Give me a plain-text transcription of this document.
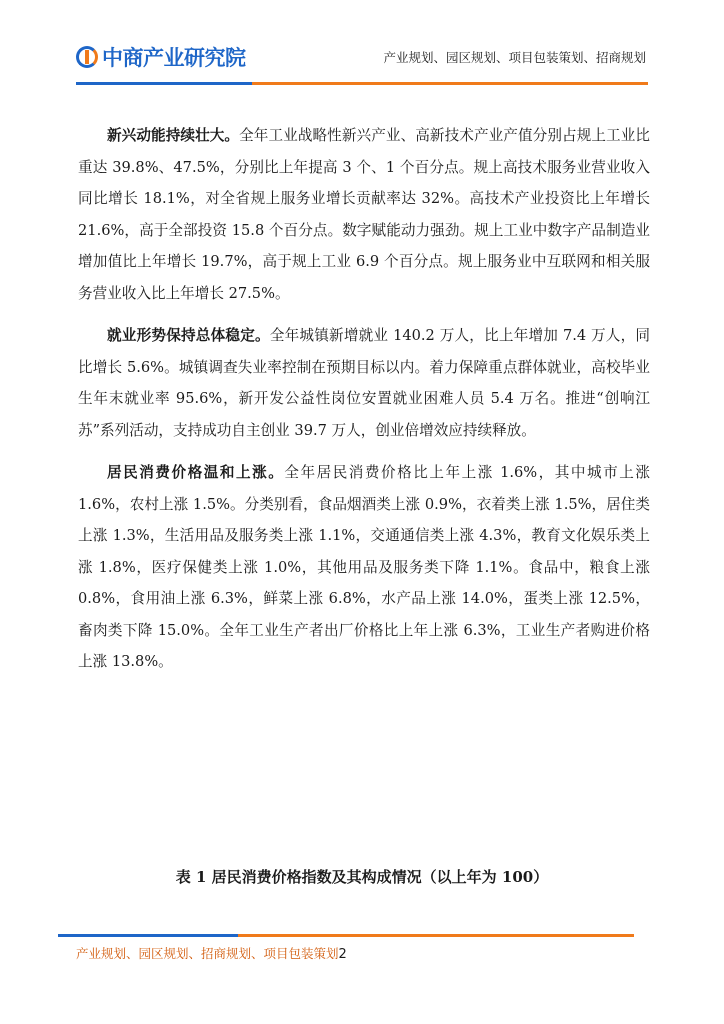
中商产业研究院	产业规划、园区规划、项目包装策划、招商规划

新兴动能持续壮大。全年工业战略性新兴产业、高新技术产业产值分别占规上工业比重达 39.8%、47.5%，分别比上年提高 3 个、1 个百分点。规上高技术服务业营业收入同比增长 18.1%，对全省规上服务业增长贡献率达 32%。高技术产业投资比上年增长 21.6%，高于全部投资 15.8 个百分点。数字赋能动力强劲。规上工业中数字产品制造业增加值比上年增长 19.7%，高于规上工业 6.9 个百分点。规上服务业中互联网和相关服务营业收入比上年增长 27.5%。

就业形势保持总体稳定。全年城镇新增就业 140.2 万人，比上年增加 7.4 万人，同比增长 5.6%。城镇调查失业率控制在预期目标以内。着力保障重点群体就业，高校毕业生年末就业率 95.6%，新开发公益性岗位安置就业困难人员 5.4 万名。推进“创响江苏”系列活动，支持成功自主创业 39.7 万人，创业倍增效应持续释放。

居民消费价格温和上涨。全年居民消费价格比上年上涨 1.6%，其中城市上涨 1.6%，农村上涨 1.5%。分类别看，食品烟酒类上涨 0.9%，衣着类上涨 1.5%，居住类上涨 1.3%，生活用品及服务类上涨 1.1%，交通通信类上涨 4.3%，教育文化娱乐类上涨 1.8%，医疗保健类上涨 1.0%，其他用品及服务类下降 1.1%。食品中，粮食上涨 0.8%，食用油上涨 6.3%，鲜菜上涨 6.8%，水产品上涨 14.0%，蛋类上涨 12.5%，畜肉类下降 15.0%。全年工业生产者出厂价格比上年上涨 6.3%，工业生产者购进价格上涨 13.8%。

表 1 居民消费价格指数及其构成情况（以上年为 100）
产业规划、园区规划、招商规划、项目包装策划2
